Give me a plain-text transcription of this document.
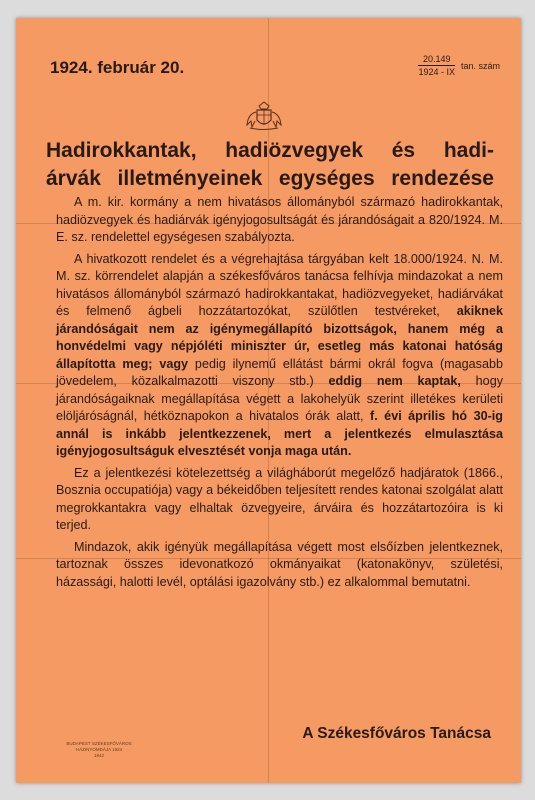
1924. február 20.	$\frac{20.149}{1924 - IX} \tan$. szám
Hadirokkantak, hadiözvegyek és hadi-
árvák illetményeinek egységes rendezése

A m. kir. kormány a nem hivatásos állományból származó hadirokkantak, hadiözvegyek és hadiárvák igényjogosultságát és járandóságait a 820/1924. M. E. sz. rendelettel egységesen szabályozta.

A hivatkozott rendelet és a végrehajtása tárgyában kelt 18.000/1924. N. M. M. sz. körrendelet alapján a székesfőváros tanácsa felhívja mindazokat a nem hivatásos állományból származó hadirokkantakat, hadiözvegyeket, hadiárvákat és felmenő ágbeli hozzátartozókat, szülőtlen testvéreket, akiknek járandóságait nem az igénymegállapító bizottságok, hanem még a honvédelmi vagy népjóléti miniszter úr, esetleg más katonai hatóság állapította meg; vagy pedig ilynemű ellátást bármi okrál fogva (magasabb jövedelem, közalkalmazotti viszony stb.) eddig nem kaptak, hogy járandóságaiknak megállapítása végett a lakohelyük szerint illetékes kerületi elöljáróságnál, hétköznapokon a hivatalos órák alatt, f. évi április hó 30-ig annál is inkább jelentkezzenek, mert a jelentkezés elmulasztása igényjogosultságuk elvesztését vonja maga után.

Ez a jelentkezési kötelezettség a világháborút megelőző hadjáratok (1866., Bosznia occupatiója) vagy a békeidőben teljesített rendes katonai szolgálat alatt megrokkantakra vagy elhaltak özvegyeire, árváira és hozzátartozóira is ki terjed.

Mindazok, akik igényük megállapítása végett most elsőízben jelentkeznek, tartoznak összes idevonatkozó okmányaikat (katonakönyv, születési, házassági, halotti levél, optálási igazolvány stb.) ez alkalommal bemutatni.

BUDAPEST SZÉKESFŐVÁROS
HÁZINYOMDÁJA 1924
1842
A Székesfőváros Tanácsa
